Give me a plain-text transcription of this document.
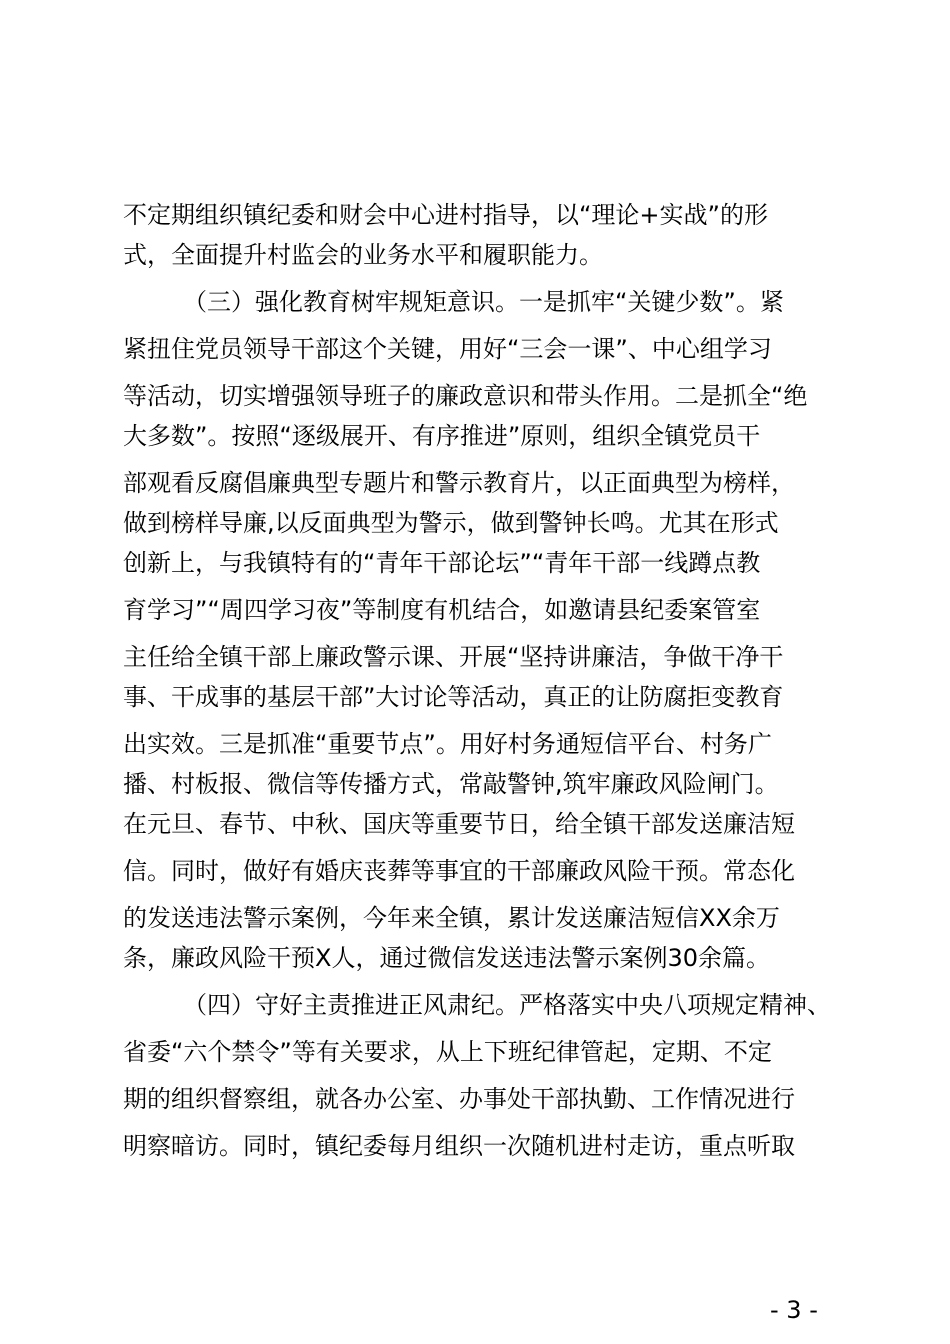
不定期组织镇纪委和财会中心进村指导，以“理论+实战”的形

式，全面提升村监会的业务水平和履职能力。

（三）强化教育树牢规矩意识。一是抓牢“关键少数”。紧

紧扭住党员领导干部这个关键，用好“三会一课”、中心组学习

等活动，切实增强领导班子的廉政意识和带头作用。二是抓全“绝

大多数”。按照“逐级展开、有序推进”原则，组织全镇党员干

部观看反腐倡廉典型专题片和警示教育片，以正面典型为榜样，

做到榜样导廉,以反面典型为警示，做到警钟长鸣。尤其在形式

创新上，与我镇特有的“青年干部论坛”“青年干部一线蹲点教

育学习”“周四学习夜”等制度有机结合，如邀请县纪委案管室

主任给全镇干部上廉政警示课、开展“坚持讲廉洁，争做干净干

事、干成事的基层干部”大讨论等活动，真正的让防腐拒变教育

出实效。三是抓准“重要节点”。用好村务通短信平台、村务广

播、村板报、微信等传播方式，常敲警钟,筑牢廉政风险闸门。

在元旦、春节、中秋、国庆等重要节日，给全镇干部发送廉洁短

信。同时，做好有婚庆丧葬等事宜的干部廉政风险干预。常态化

的发送违法警示案例，今年来全镇，累计发送廉洁短信XX余万

条，廉政风险干预X人，通过微信发送违法警示案例30余篇。

（四）守好主责推进正风肃纪。严格落实中央八项规定精神、

省委“六个禁令”等有关要求，从上下班纪律管起，定期、不定

期的组织督察组，就各办公室、办事处干部执勤、工作情况进行

明察暗访。同时，镇纪委每月组织一次随机进村走访，重点听取

- 3 -
